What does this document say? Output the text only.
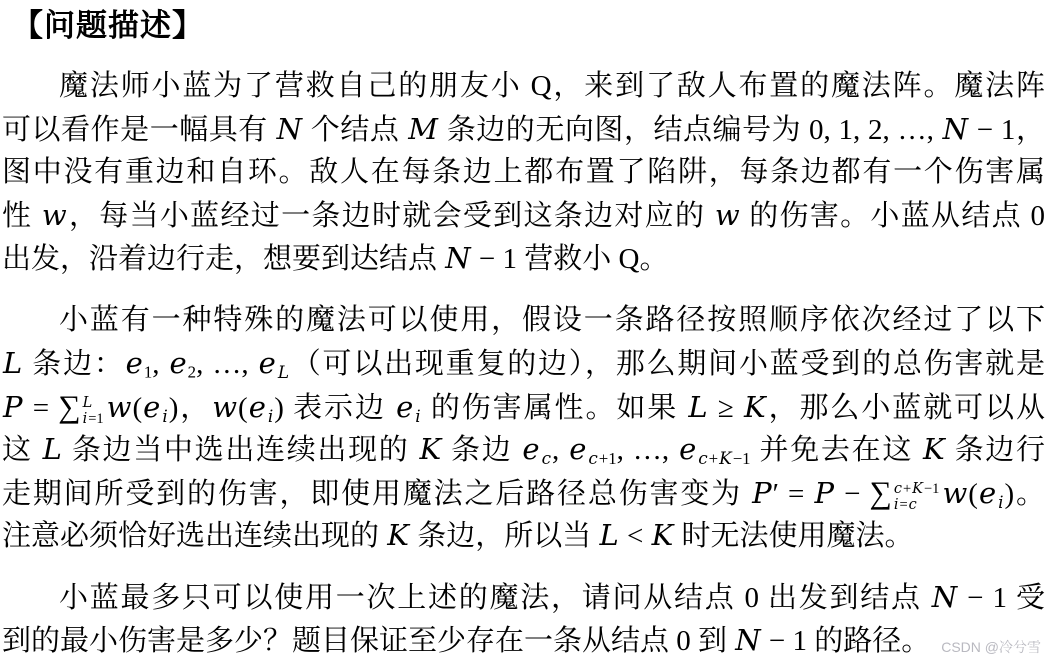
【问题描述】
魔法师小蓝为了营救自己的朋友小 Q，来到了敌人布置的魔法阵。魔法阵
可以看作是一幅具有 N 个结点 M 条边的无向图，结点编号为 0, 1, 2, …, N − 1，
图中没有重边和自环。敌人在每条边上都布置了陷阱，每条边都有一个伤害属
性 w，每当小蓝经过一条边时就会受到这条边对应的 w 的伤害。小蓝从结点 0
出发，沿着边行走，想要到达结点 N − 1 营救小 Q。
小蓝有一种特殊的魔法可以使用，假设一条路径按照顺序依次经过了以下
L 条边：$e_1$, $e_2$, …, e $_L$（可以出现重复的边），那么期间小蓝受到的总伤害就是
P = ∑ L
i=1 w(e $_i$)，w(e $_i$) 表示边 e $_i$ 的伤害属性。如果 L ≥ K，那么小蓝就可以从
这 L 条边当中选出连续出现的 K 条边 e $_c$, e $_{c+1}$, …, e $_{c+K-1}$ 并免去在这 K 条边行
走期间所受到的伤害，即使用魔法之后路径总伤害变为 P′ = P − ∑ c+K−1
i=c w(e $_i$)。
注意必须恰好选出连续出现的 K 条边，所以当 L < K 时无法使用魔法。
小蓝最多只可以使用一次上述的魔法，请问从结点 0 出发到结点 N − 1 受
到的最小伤害是多少？题目保证至少存在一条从结点 0 到 N − 1 的路径。 CSDN @冷兮雪
